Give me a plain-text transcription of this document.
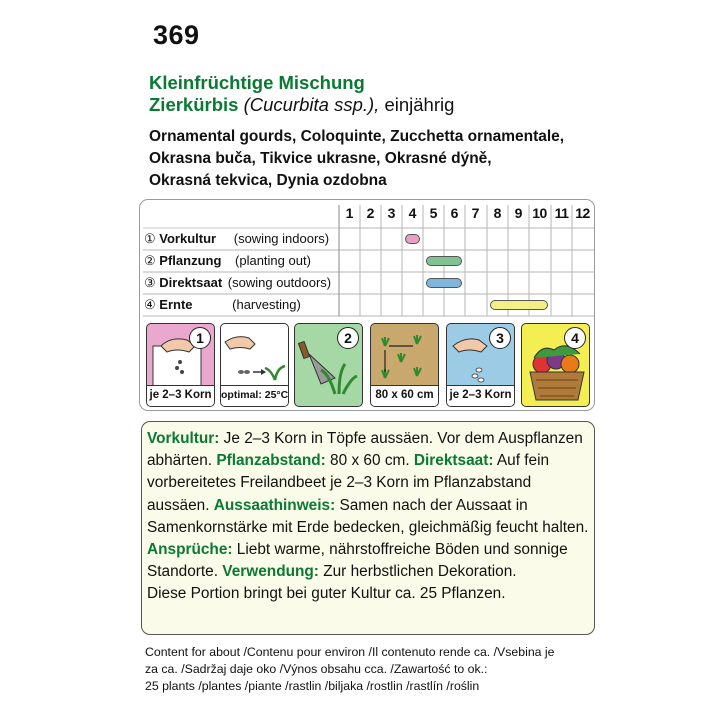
369
Kleinfrüchtige Mischung
Zierkürbis (Cucurbita ssp.), einjährig
Ornamental gourds, Coloquinte, Zucchetta ornamentale,
Okrasna buča, Tikvice ukrasne, Okrasné dýně,
Okrasná tekvica, Dynia ozdobna
1 2 3 4 5 6 7	8 9 10 11 12
① Vorkultur (sowing indoors)
② Pflanzung (planting out)
③ Direktsaat (sowing outdoors)
④ Ernte	(harvesting)
1
je 2–3 Korn optimal: 25°C
2
80 x 60 cm
3
je 2–3 Korn
4
Vorkultur: Je 2–3 Korn in Töpfe aussäen. Vor dem Auspflanzen abhärten. Pflanzabstand: 80 x 60 cm. Direktsaat: Auf fein vorbereitetes Freilandbeet je 2–3 Korn im Pflanzabstand aussäen. Aussaathinweis: Samen nach der Aussaat in Samenkornstärke mit Erde bedecken, gleichmäßig feucht halten.
Ansprüche: Liebt warme, nährstoffreiche Böden und sonnige Standorte. Verwendung: Zur herbstlichen Dekoration.
Diese Portion bringt bei guter Kultur ca. 25 Pflanzen.
Content for about /Contenu pour environ /Il contenuto rende ca. /Vsebina je
za ca. /Sadržaj daje oko /Výnos obsahu cca. /Zawartość to ok.:
25 plants /plantes /piante /rastlin /biljaka /rostlin /rastlín /roślin
